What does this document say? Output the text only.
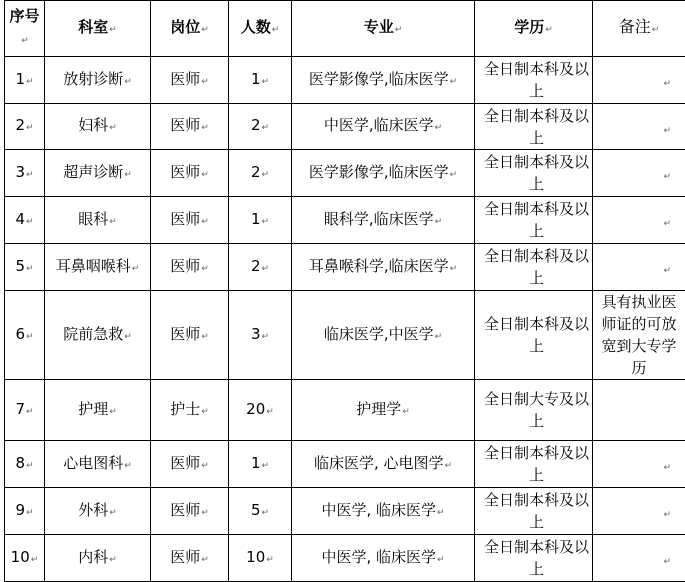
序号↵	科室↵	岗位↵	人数↵	专业↵	学历↵	备注↵
1↵	放射诊断↵	医师↵	1↵	医学影像学,临床医学↵	全日制本科及以上	↵

2↵	妇科↵	医师↵	2↵	中医学,临床医学↵	全日制本科及以上	↵

3↵	超声诊断↵	医师↵	2↵	医学影像学,临床医学↵	全日制本科及以上	↵

4↵	眼科↵	医师↵	1↵	眼科学,临床医学↵	全日制本科及以上	↵

5↵	耳鼻咽喉科↵	医师↵	2↵	耳鼻喉科学,临床医学↵	全日制本科及以上	↵

6↵	院前急救↵	医师↵	3↵	临床医学,中医学↵	全日制本科及以上	具有执业医师证的可放宽到大专学历
7↵	护理↵	护士↵	20↵	护理学↵	全日制大专及以上	
8↵	心电图科↵	医师↵	1↵	临床医学, 心电图学↵	全日制本科及以上	↵

9↵	外科↵	医师↵	5↵	中医学, 临床医学↵	全日制本科及以上	↵

10↵	内科↵	医师↵	10↵	中医学, 临床医学↵	全日制本科及以上	↵
